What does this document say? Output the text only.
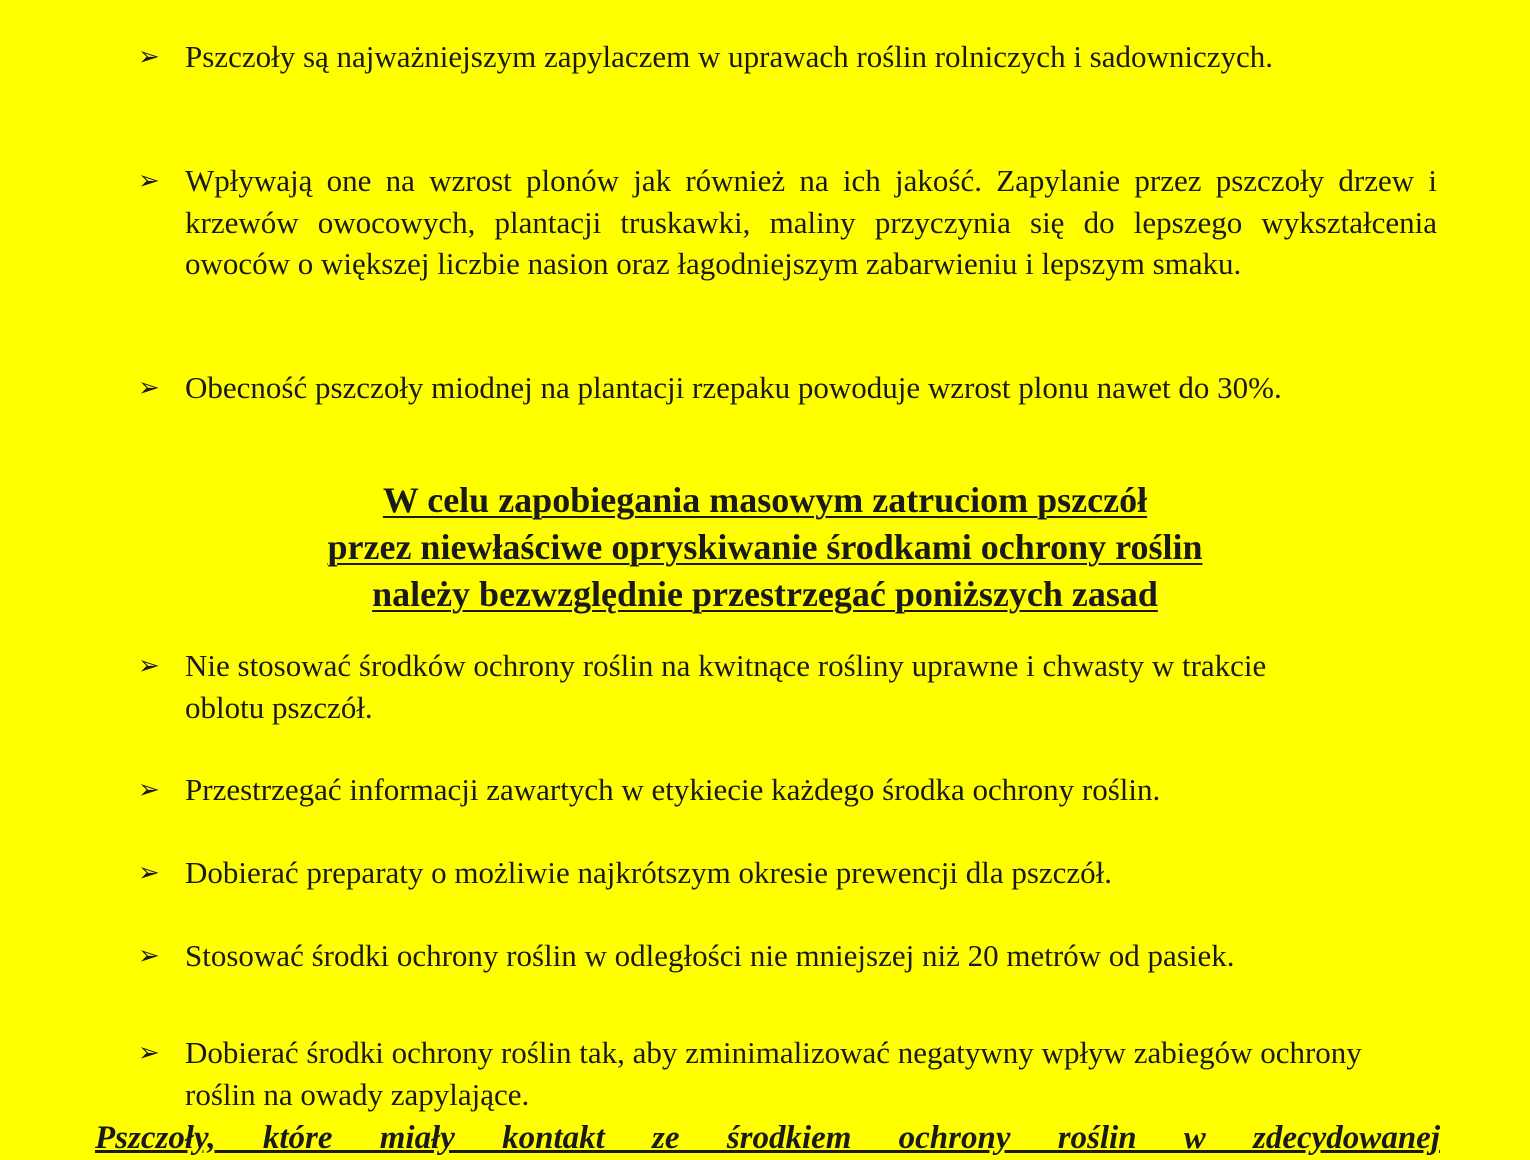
➢ Pszczoły są najważniejszym zapylaczem w uprawach roślin rolniczych i sadowniczych.
➢ Wpływają one na wzrost plonów jak również na ich jakość. Zapylanie przez pszczoły drzew i krzewów owocowych, plantacji truskawki, maliny przyczynia się do lepszego wykształcenia owoców o większej liczbie nasion oraz łagodniejszym zabarwieniu i lepszym smaku.
➢ Obecność pszczoły miodnej na plantacji rzepaku powoduje wzrost plonu nawet do 30%.
W celu zapobiegania masowym zatruciom pszczół
przez niewłaściwe opryskiwanie środkami ochrony roślin
należy bezwzględnie przestrzegać poniższych zasad
➢ Nie stosować środków ochrony roślin na kwitnące rośliny uprawne i chwasty w trakcie oblotu pszczół.
➢ Przestrzegać informacji zawartych w etykiecie każdego środka ochrony roślin.
➢ Dobierać preparaty o możliwie najkrótszym okresie prewencji dla pszczół.
➢ Stosować środki ochrony roślin w odległości nie mniejszej niż 20 metrów od pasiek.
➢ Dobierać środki ochrony roślin tak, aby zminimalizować negatywny wpływ zabiegów ochrony roślin na owady zapylające.
Pszczoły, które miały kontakt ze środkiem ochrony roślin w zdecydowanej
